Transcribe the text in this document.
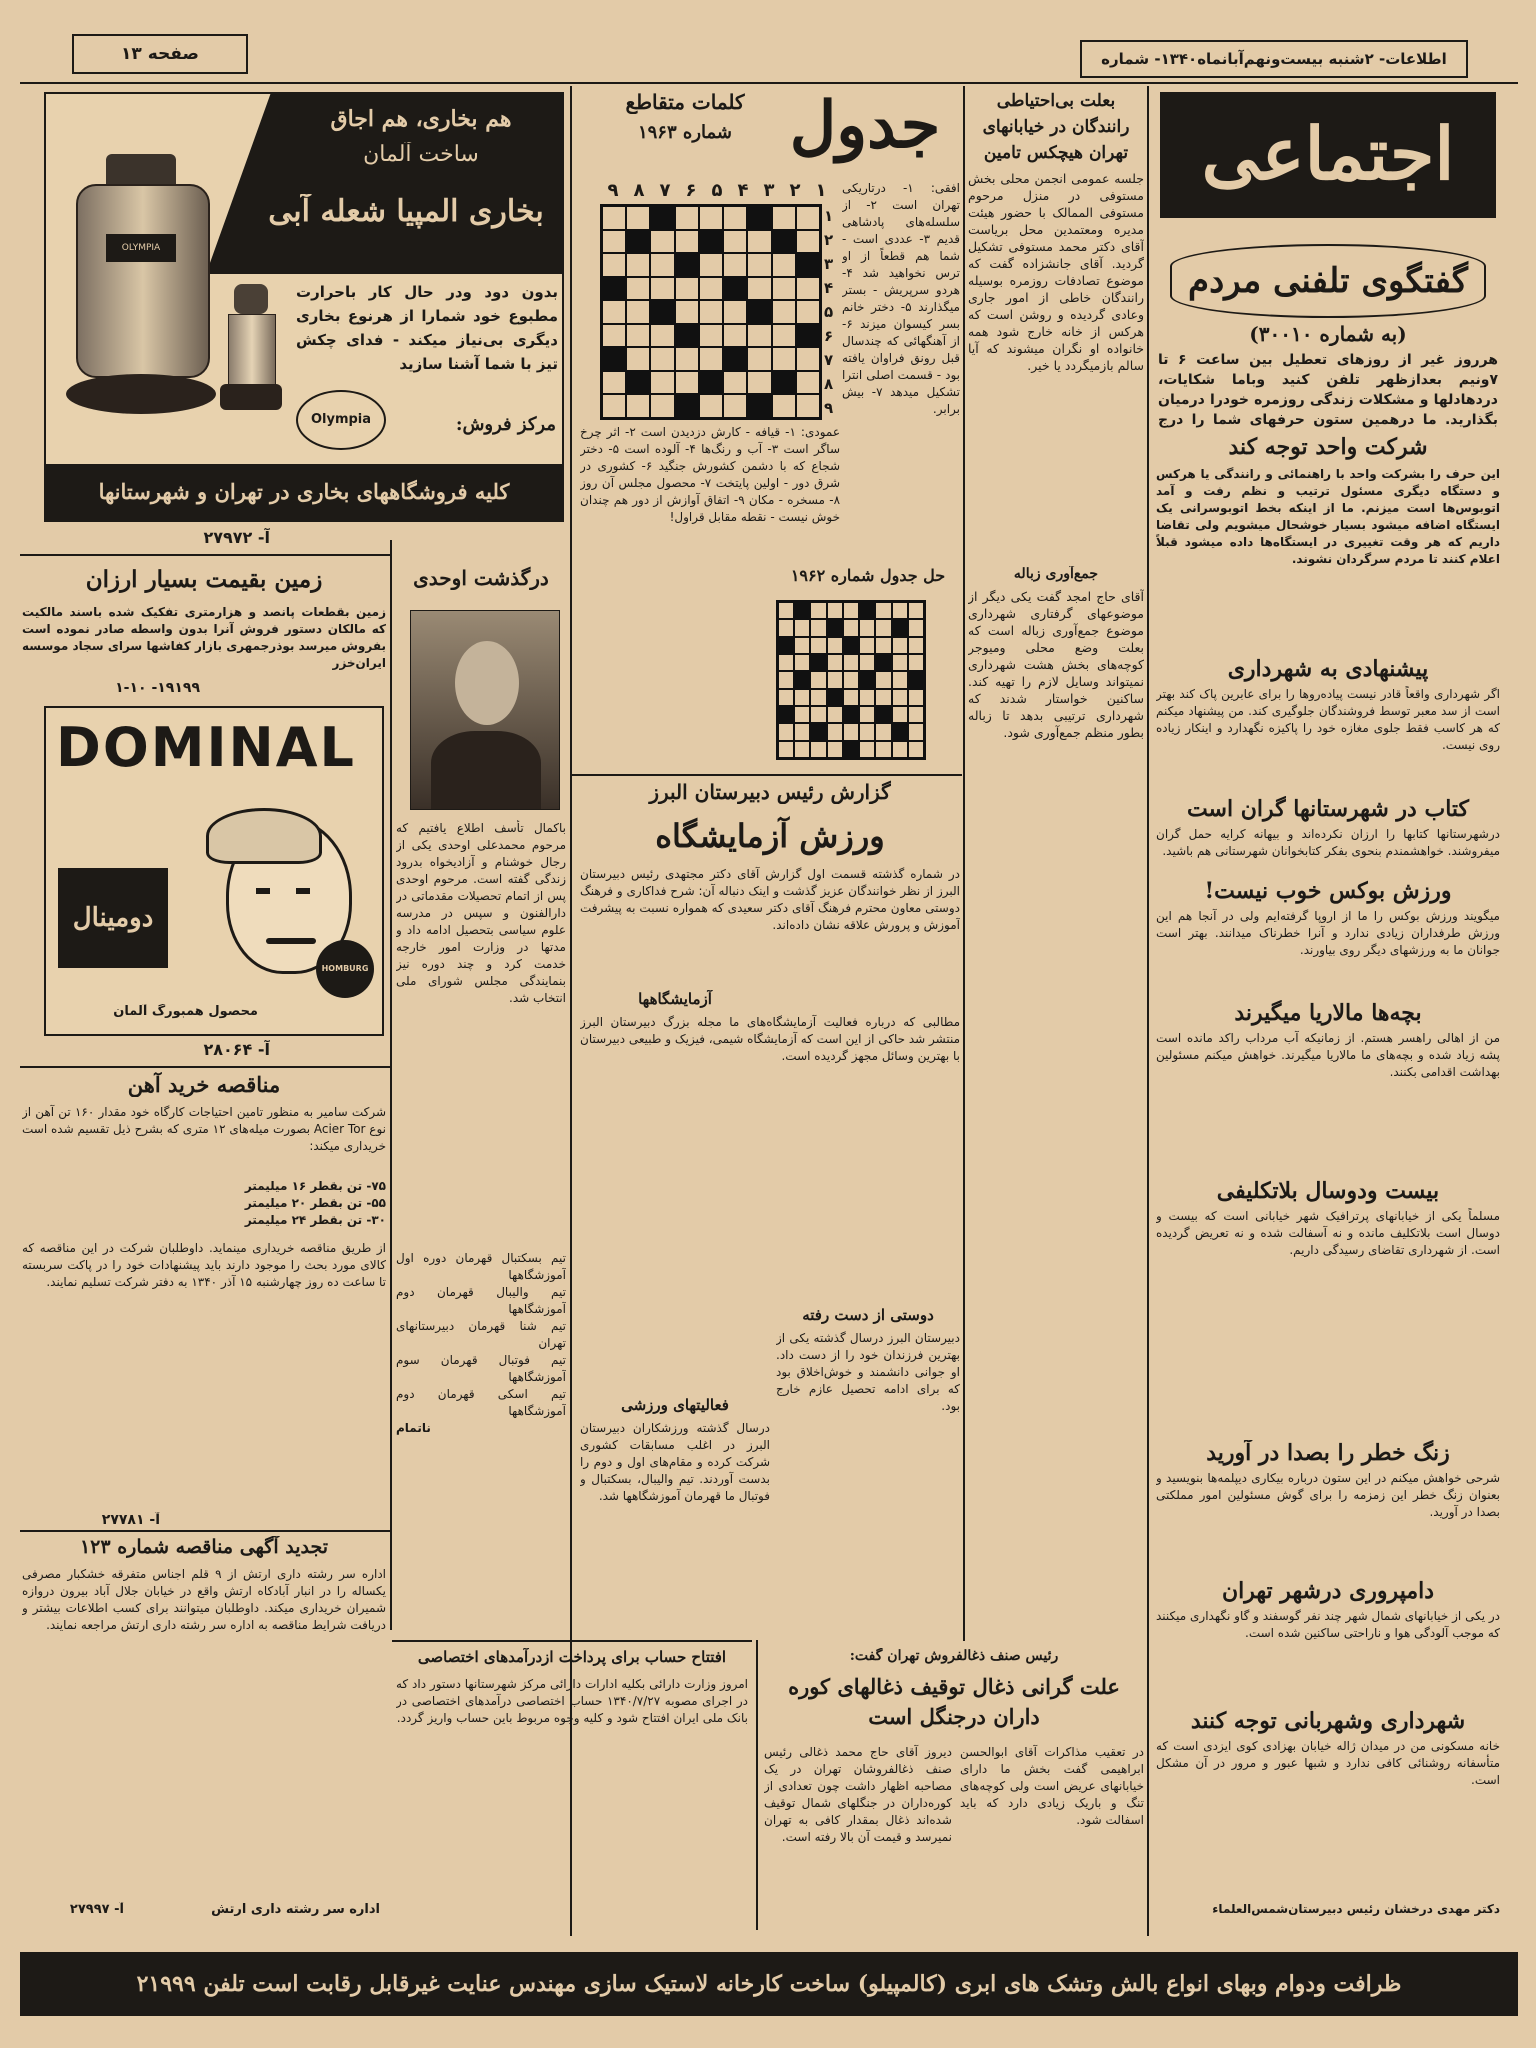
صفحه ۱۳	اطلاعات- ۲شنبه بیست‌ونهم‌آبانماه۱۳۴۰- شماره
اجتماعی
گفتگوی تلفنی مردم
(به شماره ۳۰۰۱۰)
هرروز غیر از روزهای تعطیل بین ساعت ۶ تا ۷ونیم بعدازظهر تلفن کنید وباما شکایات، دردهادلها و مشکلات زندگی روزمره خودرا درمیان بگذارید. ما درهمین ستون حرفهای شما را درج
شرکت واحد توجه کند
این حرف را بشرکت واحد با راهنمائی و رانندگی یا هرکس و دستگاه دیگری مسئول ترتیب و نظم رفت و آمد اتوبوس‌ها است میزنم. ما از اینکه بخط اتوبوسرانی یک ایستگاه اضافه میشود بسیار خوشحال میشویم ولی تقاضا داریم که هر وقت تغییری در ایستگاه‌ها داده میشود قبلاً اعلام کنند تا مردم سرگردان نشوند.
پیشنهادی به شهرداری
اگر شهرداری واقعاً قادر نیست پیاده‌روها را برای عابرین پاک کند بهتر است از سد معبر توسط فروشندگان جلوگیری کند. من پیشنهاد میکنم که هر کاسب فقط جلوی مغازه خود را پاکیزه نگهدارد و اینکار زیاده روی نیست.
کتاب در شهرستانها گران است
درشهرستانها کتابها را ارزان نکرده‌اند و بیهانه کرایه حمل گران میفروشند. خواهشمندم بنحوی بفکر کتابخوانان شهرستانی هم باشید.
ورزش بوکس خوب نیست!
میگویند ورزش بوکس را ما از اروپا گرفته‌ایم ولی در آنجا هم این ورزش طرفداران زیادی ندارد و آنرا خطرناک میدانند. بهتر است جوانان ما به ورزشهای دیگر روی بیاورند.
بچه‌ها مالاریا میگیرند
من از اهالی راهسر هستم. از زمانیکه آب مرداب راکد مانده است پشه زیاد شده و بچه‌های ما مالاریا میگیرند. خواهش میکنم مسئولین بهداشت اقدامی بکنند.
بیست ودوسال بلاتکلیفی
مسلماً یکی از خیابانهای پرترافیک شهر خیابانی است که بیست و دوسال است بلاتکلیف مانده و نه آسفالت شده و نه تعریض گردیده است. از شهرداری تقاضای رسیدگی داریم.
زنگ خطر را بصدا در آورید
شرحی خواهش میکنم در این ستون درباره بیکاری دیپلمه‌ها بنویسید و بعنوان زنگ خطر این زمزمه را برای گوش مسئولین امور مملکتی بصدا در آورید.
دامپروری درشهر تهران
در یکی از خیابانهای شمال شهر چند نفر گوسفند و گاو نگهداری میکنند که موجب آلودگی هوا و ناراحتی ساکنین شده است.
شهرداری وشهربانی توجه کنند
خانه مسکونی من در میدان ژاله خیابان بهزادی کوی ایزدی است که متأسفانه روشنائی کافی ندارد و شبها عبور و مرور در آن مشکل است.
دکتر مهدی درخشان رئیس دبیرستان‌شمس‌العلماء
بعلت بی‌احتیاطی رانندگان در خیابانهای تهران هیچکس تامین
جلسه عمومی انجمن محلی بخش مستوفی در منزل مرحوم مستوفی الممالک با حضور هیئت مدیره ومعتمدین محل برياست آقای دکتر محمد مستوفی تشکیل گردید. آقای جانشزاده گفت که موضوع تصادفات روزمره بوسیله رانندگان خاطی از امور جاری وعادی گردیده و روشن است که هرکس از خانه خارج شود همه خانواده او نگران میشوند که آیا سالم بازمیگردد یا خیر.
جمع‌آوری زباله
آقای حاج امجد گفت یکی دیگر از موضوعهای گرفتاری شهرداری موضوع جمع‌آوری زباله است که بعلت وضع محلی ومیوجر کوچه‌های بخش هشت شهرداری نمیتواند وسایل لازم را تهیه کند. ساکنین خواستار شدند که شهرداری ترتیبی بدهد تا زباله بطور منظم جمع‌آوری شود.
جدول
کلمات متقاطع
شماره ۱۹۶۳
۹ ۸ ۷ ۶ ۵ ۴ ۳ ۲ ۱
۱
۲
۳
۴
۵
۶
۷
۸
۹
افقی: ۱- درتاریکی تهران است ۲- از سلسله‌های پادشاهی قدیم ۳- عددی است - شما هم قطعاً از او ترس نخواهید شد ۴- هردو سرپریش - بستر میگذارند ۵- دختر خانم بسر کیسوان میزند ۶- از آهنگهائی که چندسال قبل رونق فراوان یافته بود - قسمت اصلی انترا تشکیل میدهد ۷- بیش برابر.
عمودی: ۱- قیافه - کارش دزدیدن است ۲- اثر چرخ ساگر است ۳- آب و رنگ‌ها ۴- آلوده است ۵- دختر شجاع که با دشمن کشورش جنگید ۶- کشوری در شرق دور - اولین پایتخت ۷- محصول مجلس آن روز ۸- مسخره - مکان ۹- اتفاق آوازش از دور هم چندان خوش نیست - نقطه مقابل قراول!
حل جدول شماره ۱۹۶۲
گزارش رئیس دبیرستان البرز
ورزش آزمایشگاه
در شماره گذشته قسمت اول گزارش آقای دکتر مجتهدی رئیس دبیرستان البرز از نظر خوانندگان عزیز گذشت و اینک دنباله آن: شرح فداکاری و فرهنگ دوستی معاون محترم فرهنگ آقای دکتر سعیدی که همواره نسبت به پیشرفت آموزش و پرورش علاقه نشان داده‌اند.
آزمایشگاهها
مطالبی که درباره فعالیت آزمایشگاه‌های ما مجله بزرگ دبیرستان البرز منتشر شد حاکی از این است که آزمایشگاه شیمی، فیزیک و طبیعی دبیرستان با بهترین وسائل مجهز گردیده است.
دوستی از دست رفته
دبیرستان البرز درسال گذشته یکی از بهترین فرزندان خود را از دست داد. او جوانی دانشمند و خوش‌اخلاق بود که برای ادامه تحصیل عازم خارج بود.
فعالیتهای ورزشی
درسال گذشته ورزشکاران دبیرستان البرز در اغلب مسابقات کشوری شرکت کرده و مقام‌های اول و دوم را بدست آوردند. تیم والیبال، بسکتبال و فوتبال ما قهرمان آموزشگاهها شد.
درگذشت اوحدی
باکمال تأسف اطلاع یافتیم که مرحوم محمدعلی اوحدی یکی از رجال خوشنام و آزادیخواه بدرود زندگی گفته است. مرحوم اوحدی پس از اتمام تحصیلات مقدماتی در دارالفنون و سپس در مدرسه علوم سیاسی بتحصیل ادامه داد و مدتها در وزارت امور خارجه خدمت کرد و چند دوره نیز بنمایندگی مجلس شورای ملی انتخاب شد.
تیم بسکتبال قهرمان دوره اول آموزشگاهها
تیم والیبال قهرمان دوم آموزشگاهها
تیم شنا قهرمان دبیرستانهای تهران
تیم فوتبال قهرمان سوم آموزشگاهها
تیم اسکی قهرمان دوم آموزشگاهها
ناتمام
هم بخاری، هم اجاق
ساخت آلمان
بخاری المپیا شعله آبی
بدون دود ودر حال کار باحرارت مطبوع خود شمارا از هرنوع بخاری دیگری بی‌نیاز میکند - فدای چکش تیز با شما آشنا سازید
OLYMPIA
Olympia	مرکز فروش:
کلیه فروشگاههای بخاری در تهران و شهرستانها
آ- ۲۷۹۷۲
زمین بقیمت بسیار ارزان
زمین بقطعات پانصد و هزارمتری تفکیک شده باسند مالکیت که مالکان دستور فروش آنرا بدون واسطه صادر نموده است بفروش میرسد بوذرجمهری بازار کفاشها سرای سجاد موسسه ایران‌خزر
۱۹۱۹۹- ۱-۱۰
DOMINAL
دومینال
HOMBURG
محصول همبورگ آلمان
آ- ۲۸۰۶۴
مناقصه خرید آهن
شرکت سامیر به منظور تامین احتیاجات کارگاه خود مقدار ۱۶۰ تن آهن از نوع Acier Tor بصورت میله‌های ۱۲ متری که بشرح ذیل تقسیم شده است خریداری میکند:
۷۵- تن بقطر ۱۶ میلیمتر
۵۵- تن بقطر ۲۰ میلیمتر
۳۰- تن بقطر ۲۴ میلیمتر
از طریق مناقصه خریداری مینماید. داوطلبان شرکت در این مناقصه که کالای مورد بحث را موجود دارند باید پیشنهادات خود را در پاکت سربسته تا ساعت ده روز چهارشنبه ۱۵ آذر ۱۳۴۰ به دفتر شرکت تسلیم نمایند.
آ- ۲۷۷۸۱
تجدید آگهی مناقصه شماره ۱۲۳
اداره سر رشته داری ارتش از ۹ قلم اجناس متفرقه خشکبار مصرفی یکساله را در انبار آبادکاه ارتش واقع در خیابان جلال آباد بیرون دروازه شمیران خریداری میکند. داوطلبان میتوانند برای کسب اطلاعات بیشتر و دریافت شرایط مناقصه به اداره سر رشته داری ارتش مراجعه نمایند.
اداره سر رشته داری ارتش
آ- ۲۷۹۹۷
افتتاح حساب برای پرداخت ازدرآمدهای اختصاصی
امروز وزارت دارائی بکلیه ادارات دارائی مرکز شهرستانها دستور داد که در اجرای مصوبه ۱۳۴۰/۷/۲۷ حساب اختصاصی درآمدهای اختصاصی در بانک ملی ایران افتتاح شود و کلیه وجوه مربوط باین حساب واریز گردد.
رئیس صنف ذغالفروش تهران گفت:
علت گرانی ذغال توقیف ذغالهای کوره داران درجنگل است
دیروز آقای حاج محمد ذغالی رئیس صنف ذغالفروشان تهران در یک مصاحبه اظهار داشت چون تعدادی از کوره‌داران در جنگلهای شمال توقیف شده‌اند ذغال بمقدار کافی به تهران نمیرسد و قیمت آن بالا رفته است.
در تعقیب مذاکرات آقای ابوالحسن ابراهیمی گفت بخش ما دارای خیابانهای عریض است ولی کوچه‌های تنگ و باریک زیادی دارد که باید اسفالت شود.
ظرافت ودوام وبهای انواع بالش وتشک های ابری (کالمپیلو) ساخت کارخانه لاستیک سازی مهندس عنایت غیرقابل رقابت است تلفن ۲۱۹۹۹
